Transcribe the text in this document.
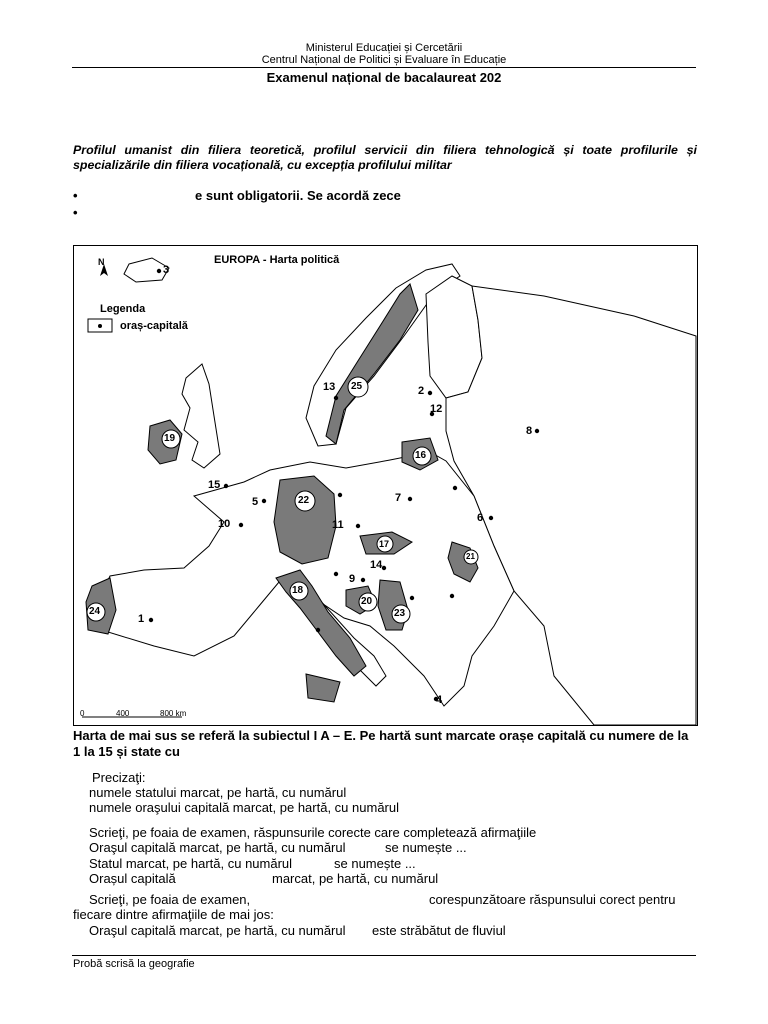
Ministerul Educației și Cercetării
Centrul Național de Politici și Evaluare în Educație
Examenul național de bacalaureat 202
Profilul umanist din filiera teoretică, profilul servicii din filiera tehnologică și toate profilurile și specializările din filiera vocațională, cu excepția profilului militar
•	e sunt obligatorii. Se acordă zece
•
EUROPA - Harta politică
N
Legenda
oraș-capitală
0	400	800 km
1
2
3
4
5
6
7
8
9
10	11
12
13
14
15
16
17
18
19
20
21
22
23
24
25
Harta de mai sus se referă la subiectul I A – E. Pe hartă sunt marcate orașe capitală cu numere de la 1 la 15 și state cu
Precizaţi:
numele statului marcat, pe hartă, cu numărul
numele oraşului capitală marcat, pe hartă, cu numărul
Scrieţi, pe foaia de examen, răspunsurile corecte care completează afirmaţiile
Oraşul capitală marcat, pe hartă, cu numărul	se numește ...
Statul marcat, pe hartă, cu numărul	se numește ...
Orașul capitală	marcat, pe hartă, cu numărul
Scrieţi, pe foaia de examen,	corespunzătoare răspunsului corect pentru
fiecare dintre afirmaţiile de mai jos:
Oraşul capitală marcat, pe hartă, cu numărul este străbătut de fluviul
Probă scrisă la geografie
